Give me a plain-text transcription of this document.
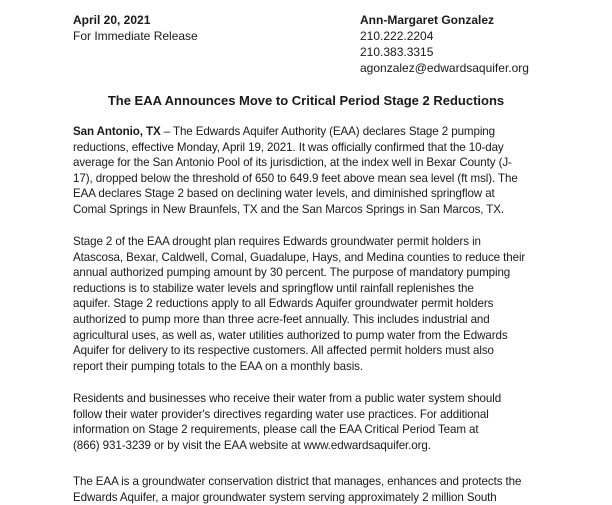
April 20, 2021
For Immediate Release
Ann-Margaret Gonzalez
210.222.2204
210.383.3315
agonzalez@edwardsaquifer.org
The EAA Announces Move to Critical Period Stage 2 Reductions

San Antonio, TX – The Edwards Aquifer Authority (EAA) declares Stage 2 pumping
reductions, effective Monday, April 19, 2021. It was officially confirmed that the 10-day
average for the San Antonio Pool of its jurisdiction, at the index well in Bexar County (J-
17), dropped below the threshold of 650 to 649.9 feet above mean sea level (ft msl). The
EAA declares Stage 2 based on declining water levels, and diminished springflow at
Comal Springs in New Braunfels, TX and the San Marcos Springs in San Marcos, TX.

Stage 2 of the EAA drought plan requires Edwards groundwater permit holders in
Atascosa, Bexar, Caldwell, Comal, Guadalupe, Hays, and Medina counties to reduce their
annual authorized pumping amount by 30 percent. The purpose of mandatory pumping
reductions is to stabilize water levels and springflow until rainfall replenishes the
aquifer. Stage 2 reductions apply to all Edwards Aquifer groundwater permit holders
authorized to pump more than three acre-feet annually. This includes industrial and
agricultural uses, as well as, water utilities authorized to pump water from the Edwards
Aquifer for delivery to its respective customers. All affected permit holders must also
report their pumping totals to the EAA on a monthly basis.

Residents and businesses who receive their water from a public water system should
follow their water provider's directives regarding water use practices. For additional
information on Stage 2 requirements, please call the EAA Critical Period Team at
(866) 931-3239 or by visit the EAA website at www.edwardsaquifer.org.

The EAA is a groundwater conservation district that manages, enhances and protects the
Edwards Aquifer, a major groundwater system serving approximately 2 million South
